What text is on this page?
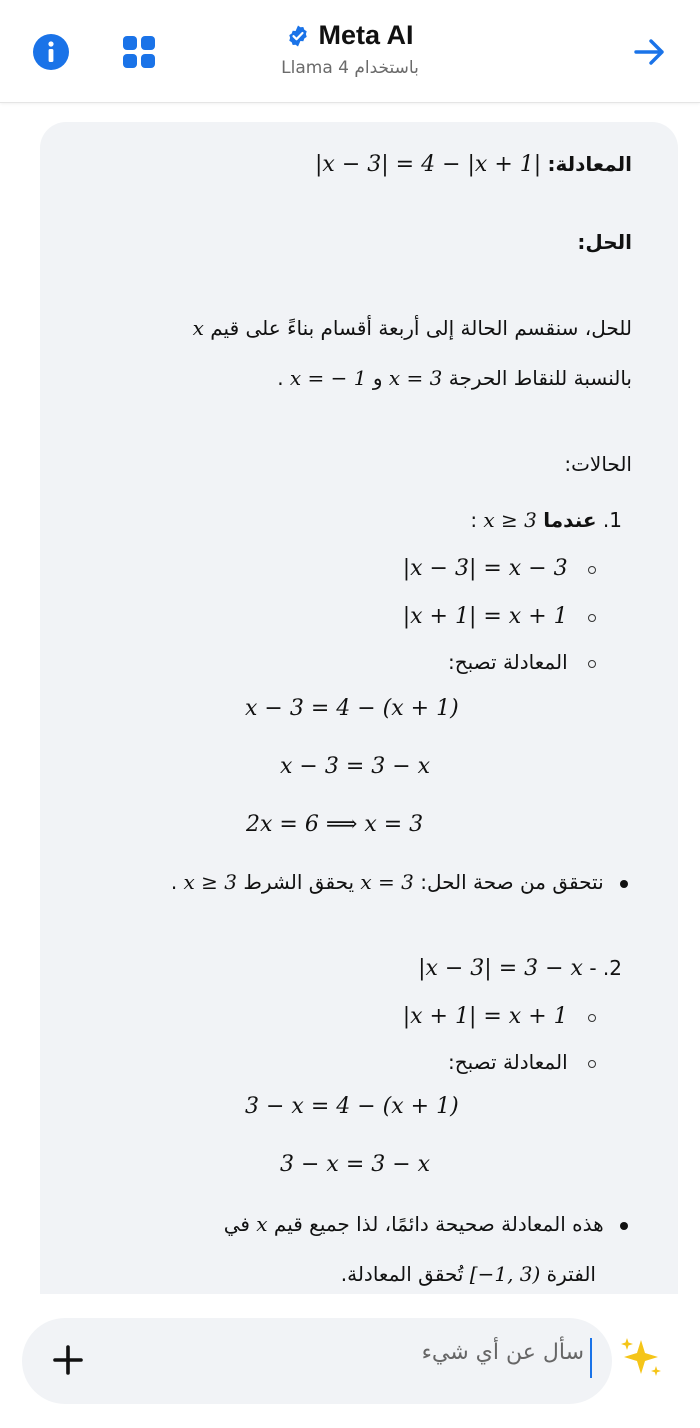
Meta AI
باستخدام Llama 4
المعادلة: |x − 3| = 4 − |x + 1|
الحل:
للحل، سنقسم الحالة إلى أربعة أقسام بناءً على قيم x
بالنسبة للنقاط الحرجة x = 3 و x = − 1 .
الحالات:
1. عندما x ≥ 3 :
|x − 3| = x − 3
|x + 1| = x + 1
المعادلة تصبح:
x − 3 = 4 − (x + 1)
x − 3 = 3 − x
2x = 6 ⟹ x = 3
نتحقق من صحة الحل: x = 3 يحقق الشرط x ≥ 3 .
2. - |x − 3| = 3 − x
|x + 1| = x + 1
المعادلة تصبح:
3 − x = 4 − (x + 1)
3 − x = 3 − x
هذه المعادلة صحيحة دائمًا، لذا جميع قيم x في
الفترة [−1, 3) تُحقق المعادلة.
سأل عن أي شيء
